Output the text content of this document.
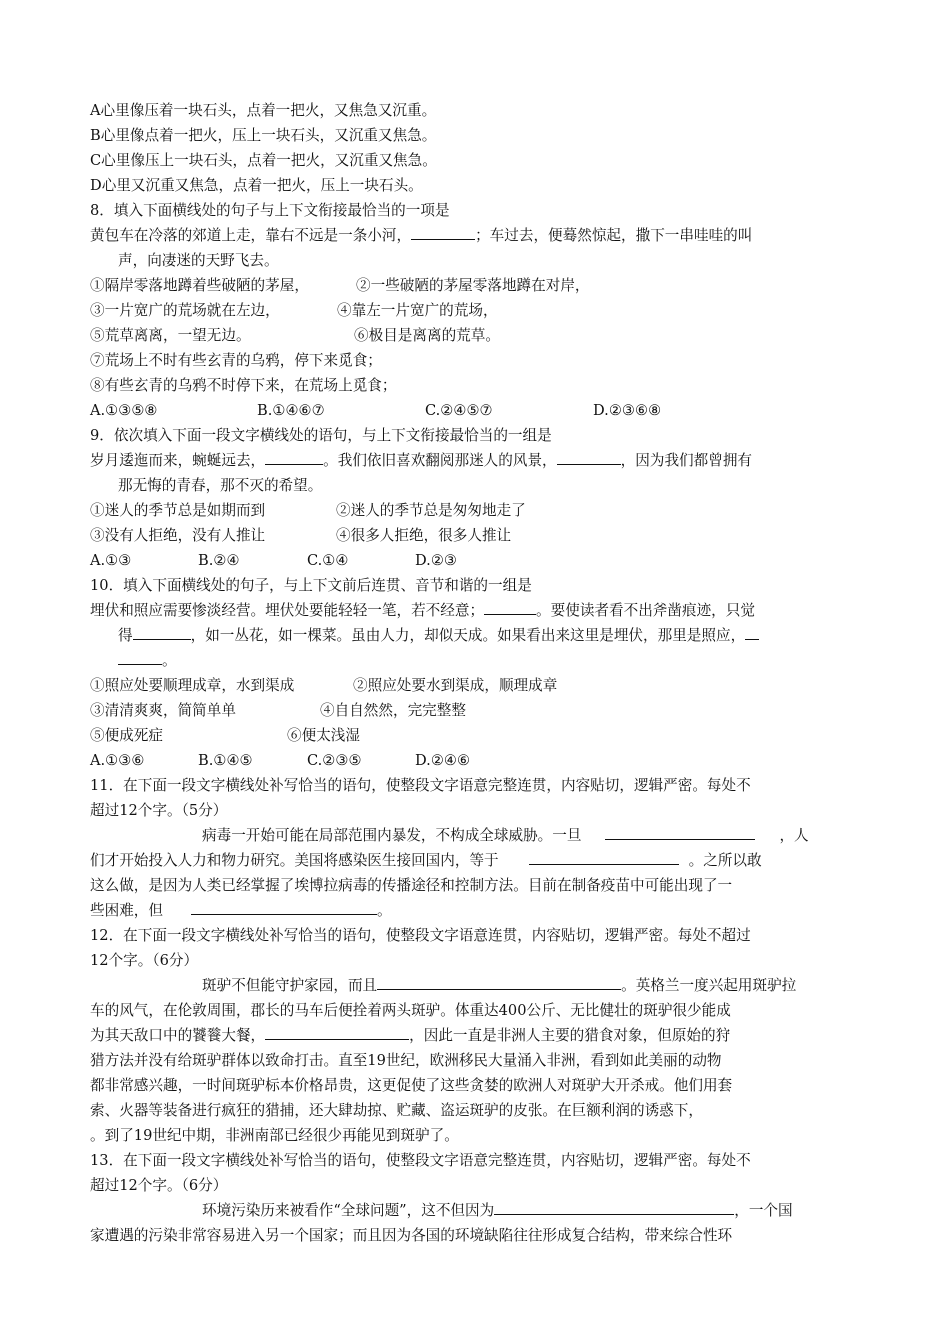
A心里像压着一块石头，点着一把火，又焦急又沉重。
B心里像点着一把火，压上一块石头，又沉重又焦急。
C心里像压上一块石头，点着一把火，又沉重又焦急。
D心里又沉重又焦急，点着一把火，压上一块石头。
8．填入下面横线处的句子与上下文衔接最恰当的一项是
黄包车在冷落的郊道上走，靠右不远是一条小河，	；车过去，便蓦然惊起，撒下一串哇哇的叫
声，向凄迷的天野飞去。
①隔岸零落地蹲着些破陋的茅屋，	②一些破陋的茅屋零落地蹲在对岸，
③一片宽广的荒场就在左边，	④靠左一片宽广的荒场，
⑤荒草离离，一望无边。	⑥极目是离离的荒草。
⑦荒场上不时有些玄青的乌鸦，停下来觅食；
⑧有些玄青的乌鸦不时停下来，在荒场上觅食；
A.①③⑤⑧	B.①④⑥⑦	C.②④⑤⑦	D.②③⑥⑧
9．依次填入下面一段文字横线处的语句，与上下文衔接最恰当的一组是
岁月逶迤而来，蜿蜒远去，	。我们依旧喜欢翻阅那迷人的风景，	，因为我们都曾拥有
那无悔的青春，那不灭的希望。
①迷人的季节总是如期而到	②迷人的季节总是匆匆地走了
③没有人拒绝，没有人推让	④很多人拒绝，很多人推让
A.①③	B.②④	C.①④	D.②③
10．填入下面横线处的句子，与上下文前后连贯、音节和谐的一组是
埋伏和照应需要惨淡经营。埋伏处要能轻轻一笔，若不经意；	。要使读者看不出斧凿痕迹，只觉
得	，如一丛花，如一棵菜。虽由人力，却似天成。如果看出来这里是埋伏，那里是照应，
。
①照应处要顺理成章，水到渠成	②照应处要水到渠成，顺理成章
③清清爽爽，简简单单	④自自然然，完完整整
⑤便成死症	⑥便太浅湿
A.①③⑥	B.①④⑤	C.②③⑤	D.②④⑥
11．在下面一段文字横线处补写恰当的语句，使整段文字语意完整连贯，内容贴切，逻辑严密。每处不
超过12个字。（5分）
病毒一开始可能在局部范围内暴发，不构成全球威胁。一旦	，人
们才开始投入人力和物力研究。美国将感染医生接回国内，等于	。之所以敢
这么做，是因为人类已经掌握了埃博拉病毒的传播途径和控制方法。目前在制备疫苗中可能出现了一
些困难，但	。
12．在下面一段文字横线处补写恰当的语句，使整段文字语意连贯，内容贴切，逻辑严密。每处不超过
12个字。（6分）
斑驴不但能守护家园，而且	。英格兰一度兴起用斑驴拉
车的风气，在伦敦周围，郡长的马车后便拴着两头斑驴。体重达400公斤、无比健壮的斑驴很少能成
为其天敌口中的饕餮大餐，	，因此一直是非洲人主要的猎食对象，但原始的狩
猎方法并没有给斑驴群体以致命打击。直至19世纪，欧洲移民大量涌入非洲，看到如此美丽的动物
都非常感兴趣，一时间斑驴标本价格昂贵，这更促使了这些贪婪的欧洲人对斑驴大开杀戒。他们用套
索、火器等装备进行疯狂的猎捕，还大肆劫掠、贮藏、盗运斑驴的皮张。在巨额利润的诱惑下，
。到了19世纪中期，非洲南部已经很少再能见到斑驴了。
13．在下面一段文字横线处补写恰当的语句，使整段文字语意完整连贯，内容贴切，逻辑严密。每处不
超过12个字。（6分）
环境污染历来被看作“全球问题”，这不但因为	，一个国
家遭遇的污染非常容易进入另一个国家；而且因为各国的环境缺陷往往形成复合结构，带来综合性环
